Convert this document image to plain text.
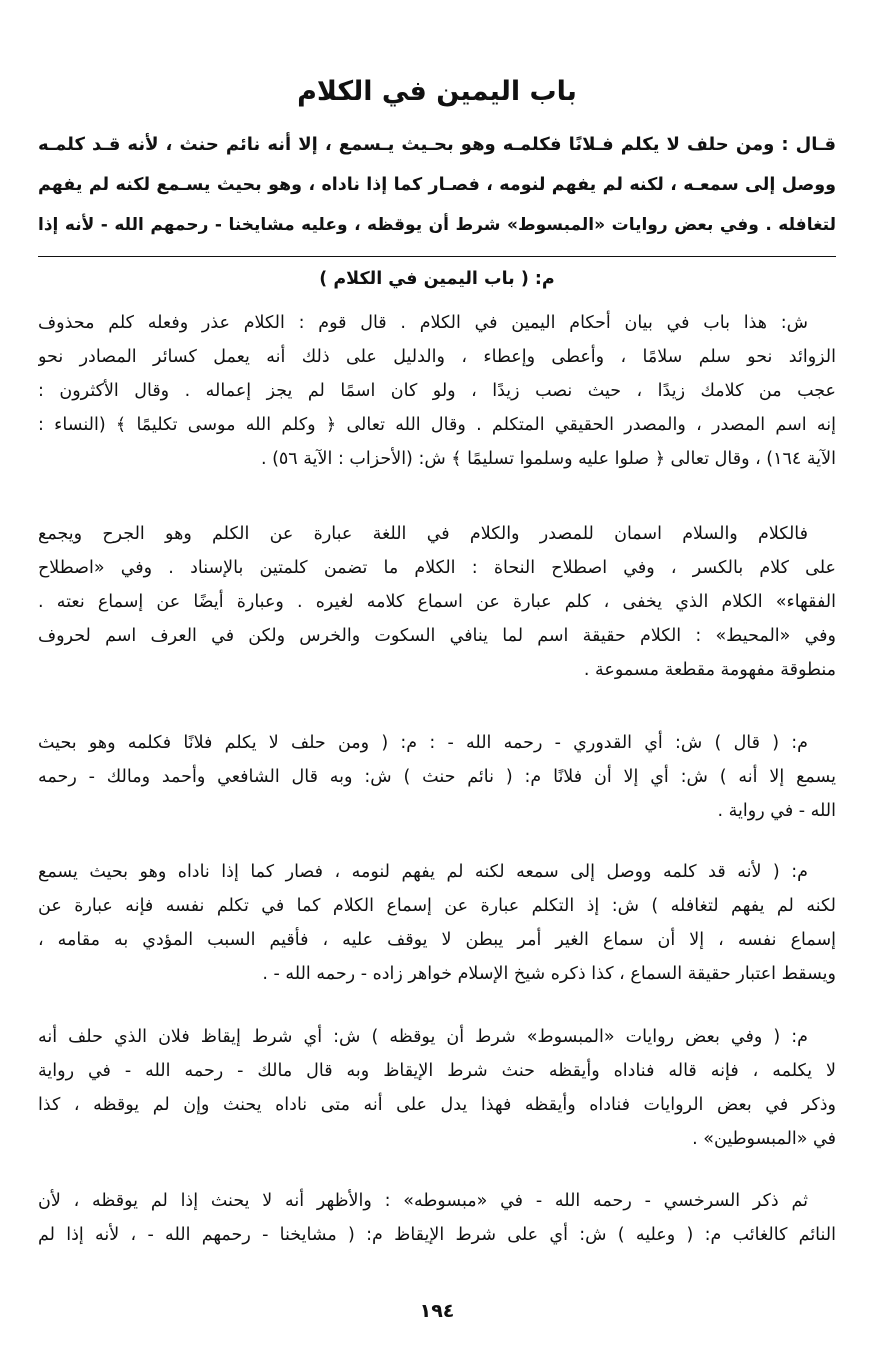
باب اليمين في الكلام

قـال : ومن حلف لا يكلم فـلانًا فكلمـه وهو بحـيث يـسمع ، إلا أنه نائم حنث ، لأنه قـد كلمـه
ووصل إلى سمعـه ، لكنه لم يفهم لنومه ، فصـار كما إذا ناداه ، وهو بحيث يسـمع لكنه لم يفهم
لتغافله . وفي بعض روايات «المبسوط» شرط أن يوقظه ، وعليه مشايخنا - رحمهم الله - لأنه إذا

م: ( باب اليمين في الكلام )

ش: هذا باب في بيان أحكام اليمين في الكلام . قال قوم : الكلام عذر وفعله كلم محذوف
الزوائد نحو سلم سلامًا ، وأعطى وإعطاء ، والدليل على ذلك أنه يعمل كسائر المصادر نحو
عجب من كلامك زيدًا ، حيث نصب زيدًا ، ولو كان اسمًا لم يجز إعماله . وقال الأكثرون :
إنه اسم المصدر ، والمصدر الحقيقي المتكلم . وقال الله تعالى ﴿ وكلم الله موسى تكليمًا ﴾ (النساء :
الآية ١٦٤) ، وقال تعالى ﴿ صلوا عليه وسلموا تسليمًا ﴾ ش: (الأحزاب : الآية ٥٦) .

فالكلام والسلام اسمان للمصدر والكلام في اللغة عبارة عن الكلم وهو الجرح ويجمع
على كلام بالكسر ، وفي اصطلاح النحاة : الكلام ما تضمن كلمتين بالإسناد . وفي «اصطلاح
الفقهاء» الكلام الذي يخفى ، كلم عبارة عن اسماع كلامه لغيره . وعبارة أيضًا عن إسماع نعته .
وفي «المحيط» : الكلام حقيقة اسم لما ينافي السكوت والخرس ولكن في العرف اسم لحروف
منطوقة مفهومة مقطعة مسموعة .

م: ( قال ) ش: أي القدوري - رحمه الله - : م: ( ومن حلف لا يكلم فلانًا فكلمه وهو بحيث
يسمع إلا أنه ) ش: أي إلا أن فلانًا م: ( نائم حنث ) ش: وبه قال الشافعي وأحمد ومالك - رحمه
الله - في رواية .

م: ( لأنه قد كلمه ووصل إلى سمعه لكنه لم يفهم لنومه ، فصار كما إذا ناداه وهو بحيث يسمع
لكنه لم يفهم لتغافله ) ش: إذ التكلم عبارة عن إسماع الكلام كما في تكلم نفسه فإنه عبارة عن
إسماع نفسه ، إلا أن سماع الغير أمر يبطن لا يوقف عليه ، فأقيم السبب المؤدي به مقامه ،
ويسقط اعتبار حقيقة السماع ، كذا ذكره شيخ الإسلام خواهر زاده - رحمه الله - .

م: ( وفي بعض روايات «المبسوط» شرط أن يوقظه ) ش: أي شرط إيقاظ فلان الذي حلف أنه
لا يكلمه ، فإنه قاله فناداه وأيقظه حنث شرط الإيقاظ وبه قال مالك - رحمه الله - في رواية
وذكر في بعض الروايات فناداه وأيقظه فهذا يدل على أنه متى ناداه يحنث وإن لم يوقظه ، كذا
في «المبسوطين» .

ثم ذكر السرخسي - رحمه الله - في «مبسوطه» : والأظهر أنه لا يحنث إذا لم يوقظه ، لأن
النائم كالغائب م: ( وعليه ) ش: أي على شرط الإيقاظ م: ( مشايخنا - رحمهم الله - ، لأنه إذا لم

١٩٤
